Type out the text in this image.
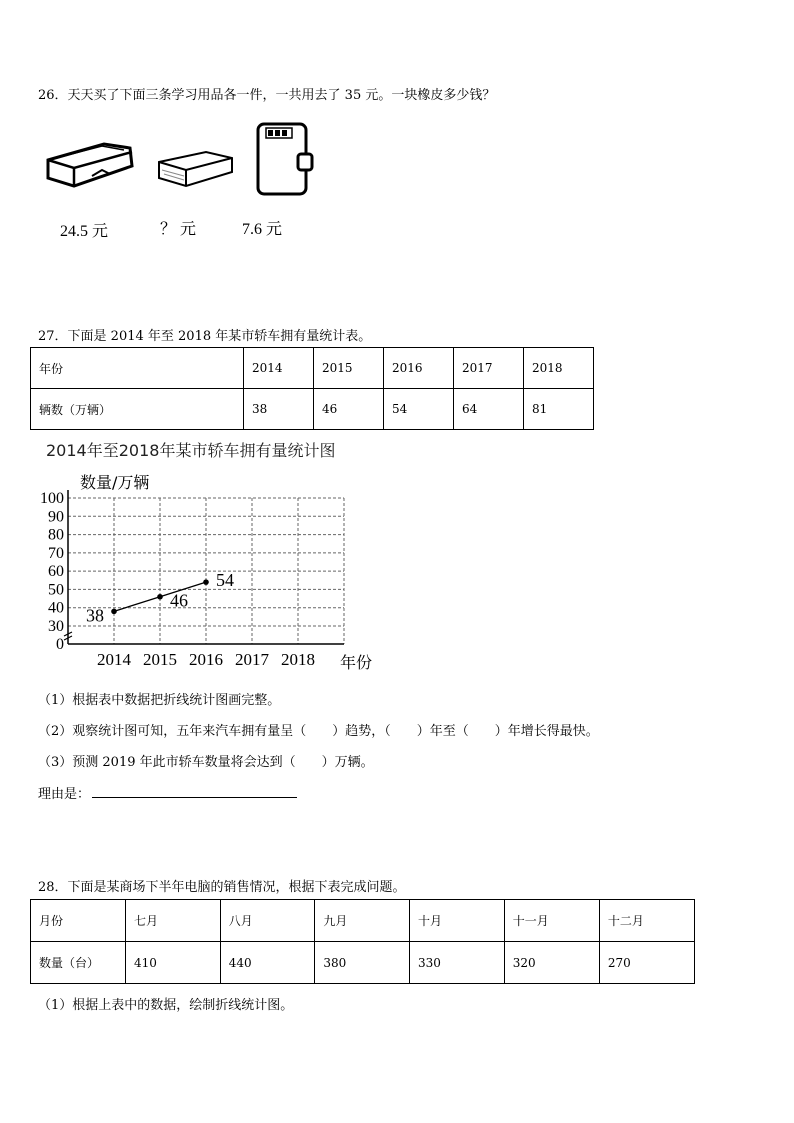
26．天天买了下面三条学习用品各一件，一共用去了 35 元。一块橡皮多少钱？
24.5 元	？ 元	7.6 元
27．下面是 2014 年至 2018 年某市轿车拥有量统计表。
年份	2014	2015	2016	2017	2018
辆数（万辆）	38	46	54	64	81
2014年至2018年某市轿车拥有量统计图
0
30
40
50
60
70
80
90
100
数量/万辆
2014 2015 2016 2017 2018 年份
38
46
54
（1）根据表中数据把折线统计图画完整。
（2）观察统计图可知，五年来汽车拥有量呈（　　）趋势，（　　）年至（　　）年增长得最快。
（3）预测 2019 年此市轿车数量将会达到（　　）万辆。
理由是：
28．下面是某商场下半年电脑的销售情况，根据下表完成问题。
月份	七月	八月	九月	十月	十一月	十二月
数量（台）	410	440	380	330	320	270
（1）根据上表中的数据，绘制折线统计图。
